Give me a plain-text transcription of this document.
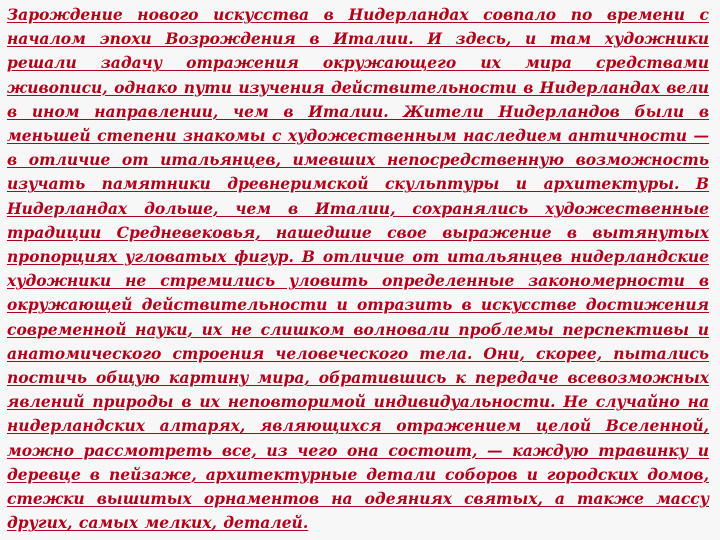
Зарождение нового искусства в Нидерландах совпало по времени с началом эпохи Возрождения в Италии. И здесь, и там художники решали задачу отражения окружающего их мира средствами живописи, однако пути изучения действительности в Нидерландах вели в ином направлении, чем в Италии. Жители Нидерландов были в меньшей степени знакомы с художественным наследием античности — в отличие от итальянцев, имевших непосредственную возможность изучать памятники древнеримской скульптуры и архитектуры. В Нидерландах дольше, чем в Италии, сохранялись художественные традиции Средневековья, нашедшие свое выражение в вытянутых пропорциях угловатых фигур. В отличие от итальянцев нидерландские художники не стремились уловить определенные закономерности в окружающей действительности и отразить в искусстве достижения современной науки, их не слишком волновали проблемы перспективы и анатомического строения человеческого тела. Они, скорее, пытались постичь общую картину мира, обратившись к передаче всевозможных явлений природы в их неповторимой индивидуальности. Не случайно на нидерландских алтарях, являющихся отражением целой Вселенной, можно рассмотреть все, из чего она состоит, — каждую травинку и деревце в пейзаже, архитектурные детали соборов и городских домов, стежки вышитых орнаментов на одеяниях святых, а также массу других, самых мелких, деталей.
